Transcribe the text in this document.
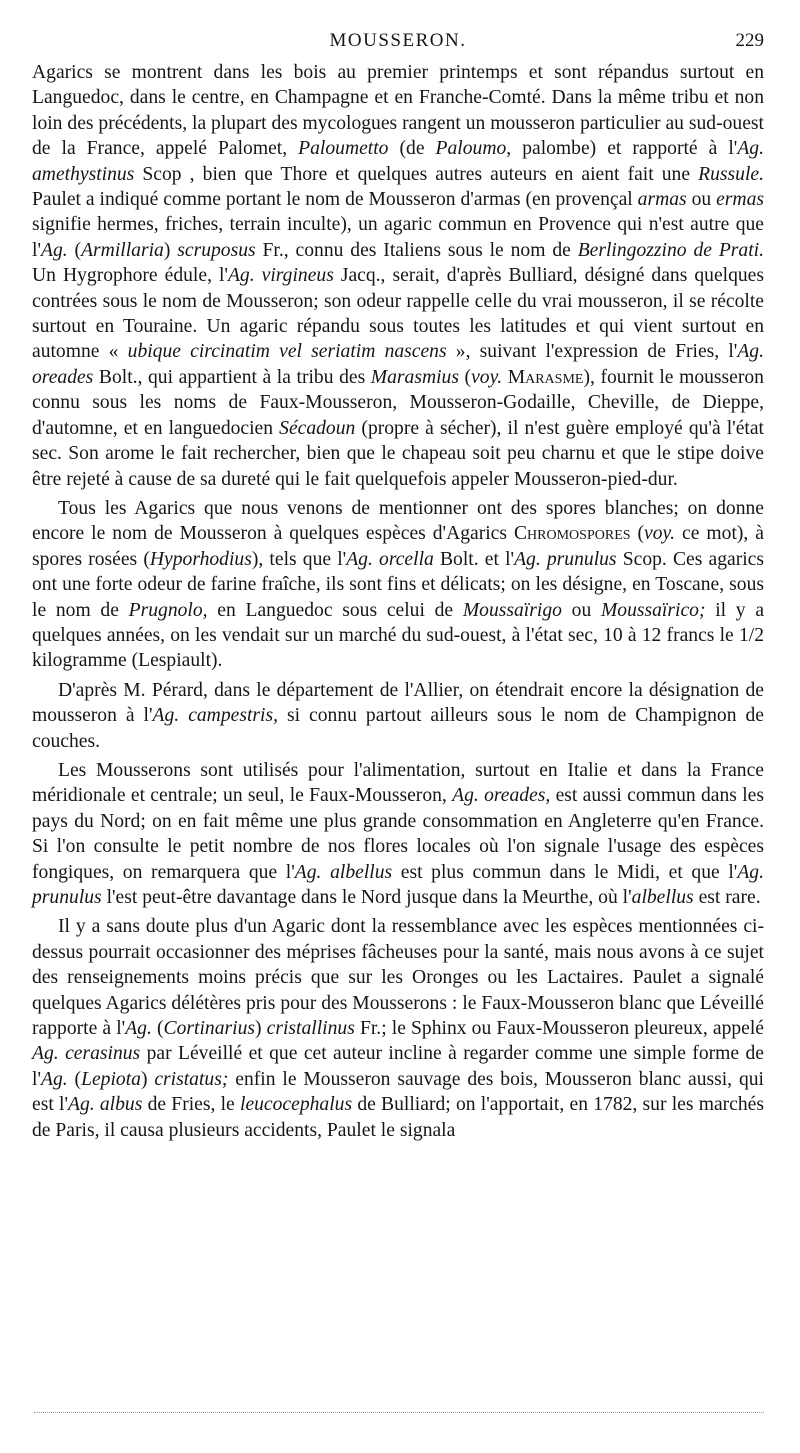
MOUSSERON.	229

Agarics se montrent dans les bois au premier printemps et sont répandus surtout en Languedoc, dans le centre, en Champagne et en Franche-Comté. Dans la même tribu et non loin des précédents, la plupart des mycologues rangent un mousseron particulier au sud-ouest de la France, appelé Palomet, Paloumetto (de Paloumo, palombe) et rapporté à l'Ag. amethystinus Scop , bien que Thore et quelques autres auteurs en aient fait une Russule. Paulet a indiqué comme portant le nom de Mousseron d'armas (en provençal armas ou ermas signifie hermes, friches, terrain inculte), un agaric commun en Provence qui n'est autre que l'Ag. (Armillaria) scruposus Fr., connu des Italiens sous le nom de Berlingozzino de Prati. Un Hygrophore édule, l'Ag. virgineus Jacq., serait, d'après Bulliard, désigné dans quelques contrées sous le nom de Mousseron; son odeur rappelle celle du vrai mousseron, il se récolte surtout en Touraine. Un agaric répandu sous toutes les latitudes et qui vient surtout en automne « ubique circinatim vel seriatim nascens », suivant l'expression de Fries, l'Ag. oreades Bolt., qui appartient à la tribu des Marasmius (voy. Marasme), fournit le mousseron connu sous les noms de Faux-Mousseron, Mousseron-Godaille, Cheville, de Dieppe, d'automne, et en languedocien Sécadoun (propre à sécher), il n'est guère employé qu'à l'état sec. Son arome le fait rechercher, bien que le chapeau soit peu charnu et que le stipe doive être rejeté à cause de sa dureté qui le fait quelquefois appeler Mousseron-pied-dur.

Tous les Agarics que nous venons de mentionner ont des spores blanches; on donne encore le nom de Mousseron à quelques espèces d'Agarics Chromospores (voy. ce mot), à spores rosées (Hyporhodius), tels que l'Ag. orcella Bolt. et l'Ag. prunulus Scop. Ces agarics ont une forte odeur de farine fraîche, ils sont fins et délicats; on les désigne, en Toscane, sous le nom de Prugnolo, en Languedoc sous celui de Moussaïrigo ou Moussaïrico; il y a quelques années, on les vendait sur un marché du sud-ouest, à l'état sec, 10 à 12 francs le 1/2 kilogramme (Lespiault).

D'après M. Pérard, dans le département de l'Allier, on étendrait encore la désignation de mousseron à l'Ag. campestris, si connu partout ailleurs sous le nom de Champignon de couches.

Les Mousserons sont utilisés pour l'alimentation, surtout en Italie et dans la France méridionale et centrale; un seul, le Faux-Mousseron, Ag. oreades, est aussi commun dans les pays du Nord; on en fait même une plus grande consommation en Angleterre qu'en France. Si l'on consulte le petit nombre de nos flores locales où l'on signale l'usage des espèces fongiques, on remarquera que l'Ag. albellus est plus commun dans le Midi, et que l'Ag. prunulus l'est peut-être davantage dans le Nord jusque dans la Meurthe, où l'albellus est rare.

Il y a sans doute plus d'un Agaric dont la ressemblance avec les espèces mentionnées ci-dessus pourrait occasionner des méprises fâcheuses pour la santé, mais nous avons à ce sujet des renseignements moins précis que sur les Oronges ou les Lactaires. Paulet a signalé quelques Agarics délétères pris pour des Mousserons : le Faux-Mousseron blanc que Léveillé rapporte à l'Ag. (Cortinarius) cristallinus Fr.; le Sphinx ou Faux-Mousseron pleureux, appelé Ag. cerasinus par Léveillé et que cet auteur incline à regarder comme une simple forme de l'Ag. (Lepiota) cristatus; enfin le Mousseron sauvage des bois, Mousseron blanc aussi, qui est l'Ag. albus de Fries, le leucocephalus de Bulliard; on l'apportait, en 1782, sur les marchés de Paris, il causa plusieurs accidents, Paulet le signala
